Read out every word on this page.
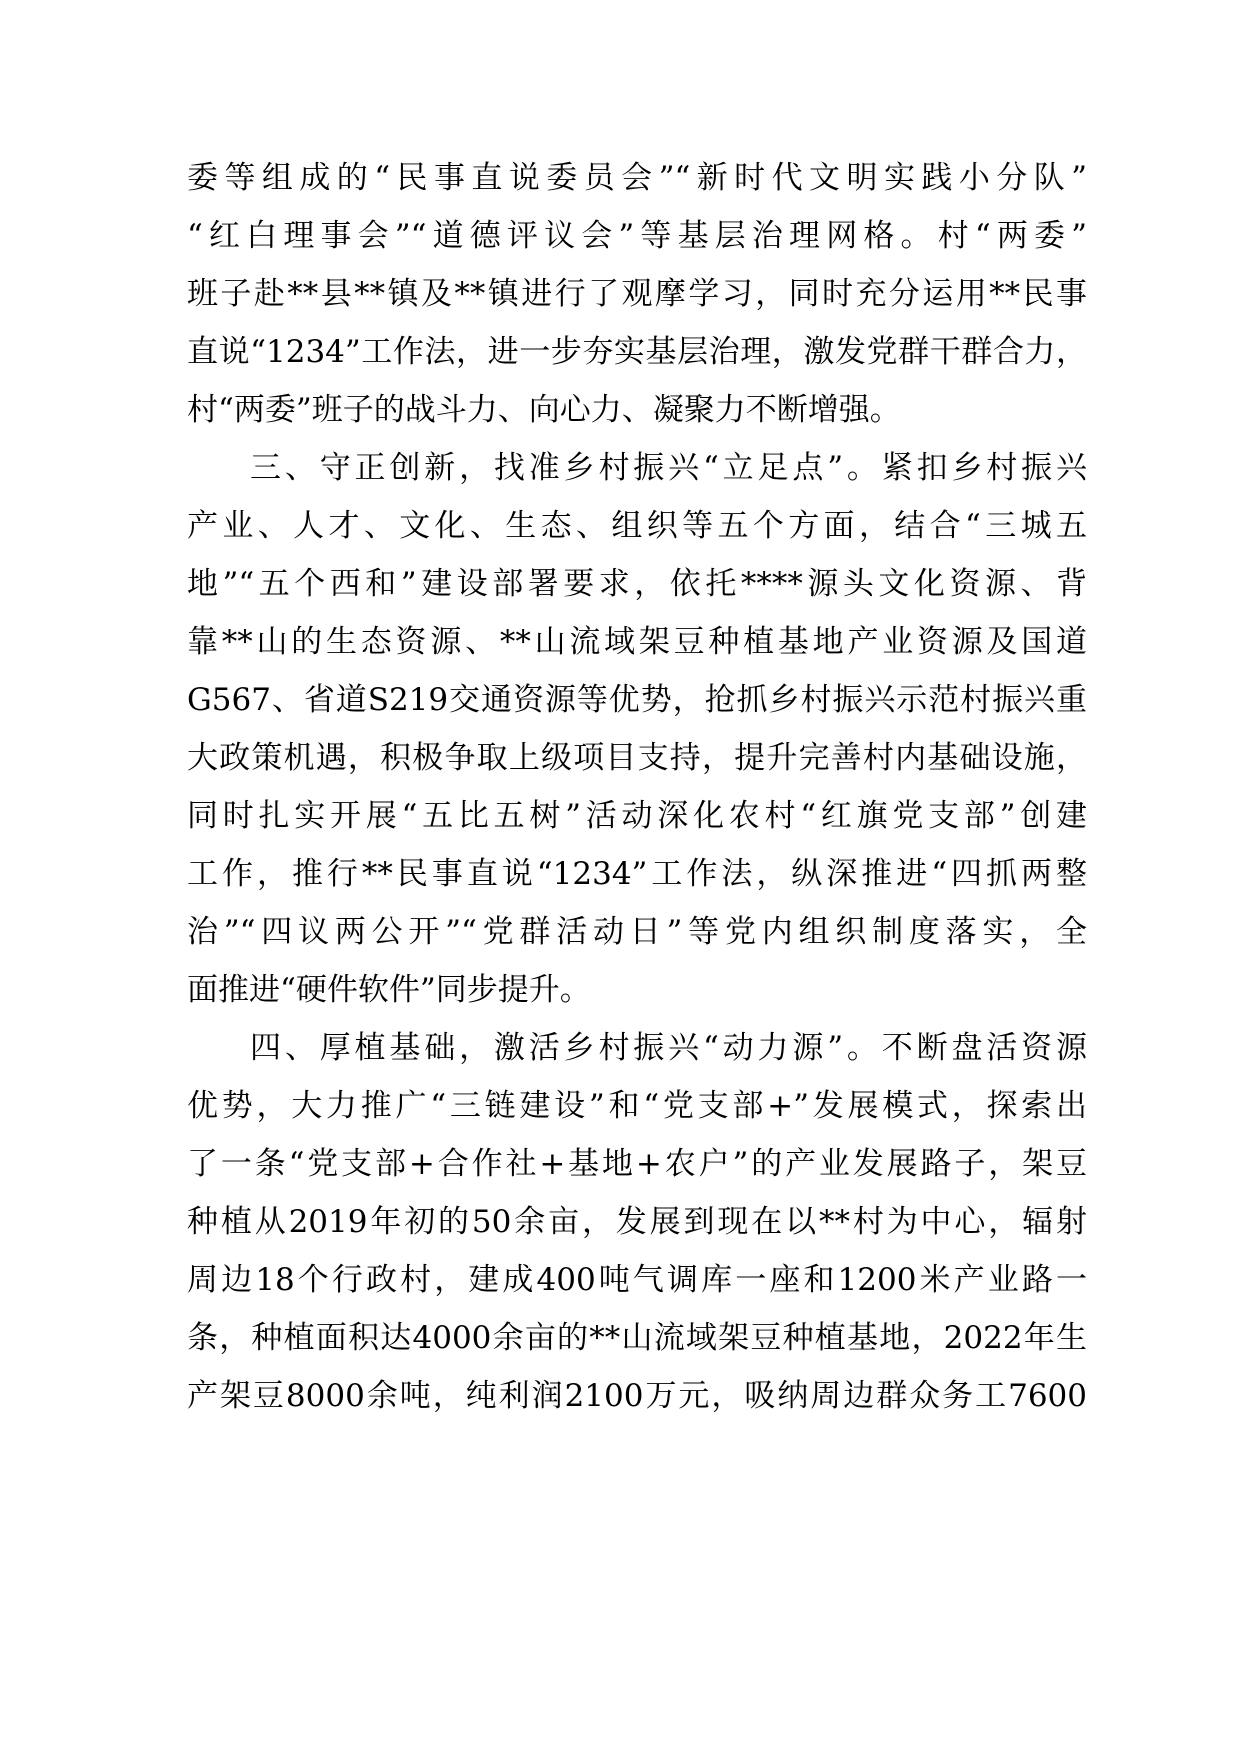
委等组成的“民事直说委员会”“新时代文明实践小分队”
“红白理事会”“道德评议会”等基层治理网格。村“两委”
班子赴**县**镇及**镇进行了观摩学习，同时充分运用**民事
直说“1234”工作法，进一步夯实基层治理，激发党群干群合力，
村“两委”班子的战斗力、向心力、凝聚力不断增强。
三、守正创新，找准乡村振兴“立足点”。紧扣乡村振兴
产业、人才、文化、生态、组织等五个方面，结合“三城五
地”“五个西和”建设部署要求，依托****源头文化资源、背
靠**山的生态资源、**山流域架豆种植基地产业资源及国道
G567、省道S219交通资源等优势，抢抓乡村振兴示范村振兴重
大政策机遇，积极争取上级项目支持，提升完善村内基础设施，
同时扎实开展“五比五树”活动深化农村“红旗党支部”创建
工作，推行**民事直说“1234”工作法，纵深推进“四抓两整
治”“四议两公开”“党群活动日”等党内组织制度落实，全
面推进“硬件软件”同步提升。
四、厚植基础，激活乡村振兴“动力源”。不断盘活资源
优势，大力推广“三链建设”和“党支部+”发展模式，探索出
了一条“党支部+合作社+基地+农户”的产业发展路子，架豆
种植从2019年初的50余亩，发展到现在以**村为中心，辐射
周边18个行政村，建成400吨气调库一座和1200米产业路一
条，种植面积达4000余亩的**山流域架豆种植基地，2022年生
产架豆8000余吨，纯利润2100万元，吸纳周边群众务工7600
